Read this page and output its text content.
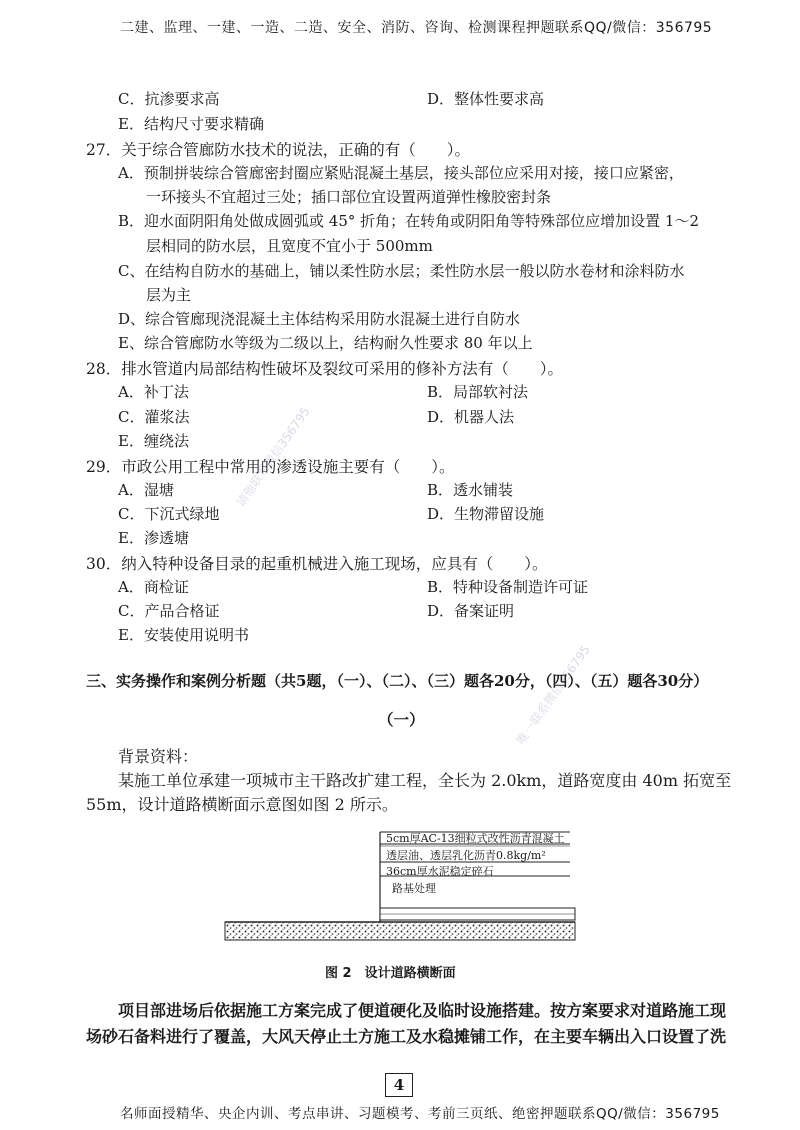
二建、监理、一建、一造、二造、安全、消防、咨询、检测课程押题联系QQ/微信：356795
C．抗渗要求高	D．整体性要求高
E．结构尺寸要求精确
27．关于综合管廊防水技术的说法，正确的有（　　）。
A．预制拼装综合管廊密封圈应紧贴混凝土基层，接头部位应采用对接，接口应紧密，
一环接头不宜超过三处；插口部位宜设置两道弹性橡胶密封条
B．迎水面阴阳角处做成圆弧或 45° 折角；在转角或阴阳角等特殊部位应增加设置 1～2
层相同的防水层，且宽度不宜小于 500mm
C、在结构自防水的基础上，铺以柔性防水层；柔性防水层一般以防水卷材和涂料防水
层为主
D、综合管廊现浇混凝土主体结构采用防水混凝土进行自防水
E、综合管廊防水等级为二级以上，结构耐久性要求 80 年以上
28．排水管道内局部结构性破坏及裂纹可采用的修补方法有（　　）。
A．补丁法	B．局部软衬法
C．灌浆法	D．机器人法
E．缠绕法
29．市政公用工程中常用的渗透设施主要有（　　）。
A．湿塘	B．透水铺装
C．下沉式绿地	D．生物滞留设施
E．渗透塘
30．纳入特种设备目录的起重机械进入施工现场，应具有（　　）。
A．商检证	B．特种设备制造许可证
C．产品合格证	D．备案证明
E．安装使用说明书
三、实务操作和案例分析题（共5题，（一）、（二）、（三）题各20分，（四）、（五）题各30分）
（一）
背景资料：
某施工单位承建一项城市主干路改扩建工程，全长为 2.0km，道路宽度由 40m 拓宽至
55m，设计道路横断面示意图如图 2 所示。
5cm厚AC-13细粒式改性沥青混凝土
透层油、透层乳化沥青0.8kg/m²
36cm厚水泥稳定碎石
路基处理
图 2　设计道路横断面
项目部进场后依据施工方案完成了便道硬化及临时设施搭建。按方案要求对道路施工现
场砂石备料进行了覆盖，大风天停止土方施工及水稳摊铺工作，在主要车辆出入口设置了洗
4
名师面授精华、央企内训、考点串讲、习题模考、考前三页纸、绝密押题联系QQ/微信：356795
请他联系微信356795
唯一联系微信356795
